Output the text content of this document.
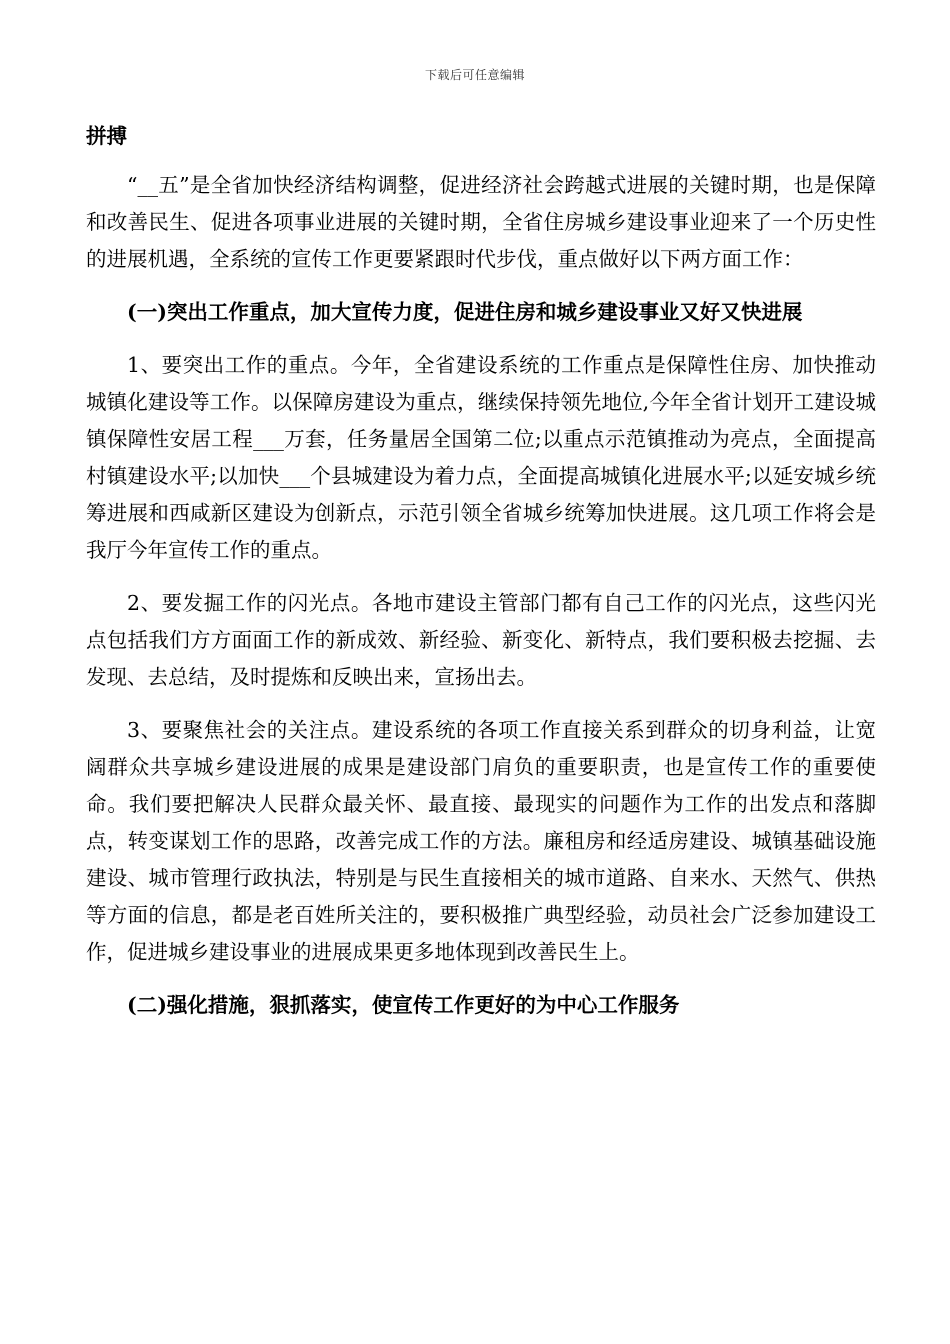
下载后可任意编辑
拼搏

“__五”是全省加快经济结构调整，促进经济社会跨越式进展的关键时期，也是保障和改善民生、促进各项事业进展的关键时期，全省住房城乡建设事业迎来了一个历史性的进展机遇，全系统的宣传工作更要紧跟时代步伐，重点做好以下两方面工作：

(一)突出工作重点，加大宣传力度，促进住房和城乡建设事业又好又快进展

1、要突出工作的重点。今年，全省建设系统的工作重点是保障性住房、加快推动城镇化建设等工作。以保障房建设为重点，继续保持领先地位,今年全省计划开工建设城镇保障性安居工程___万套，任务量居全国第二位;以重点示范镇推动为亮点，全面提高村镇建设水平;以加快___个县城建设为着力点，全面提高城镇化进展水平;以延安城乡统筹进展和西咸新区建设为创新点，示范引领全省城乡统筹加快进展。这几项工作将会是我厅今年宣传工作的重点。

2、要发掘工作的闪光点。各地市建设主管部门都有自己工作的闪光点，这些闪光点包括我们方方面面工作的新成效、新经验、新变化、新特点，我们要积极去挖掘、去发现、去总结，及时提炼和反映出来，宣扬出去。

3、要聚焦社会的关注点。建设系统的各项工作直接关系到群众的切身利益，让宽阔群众共享城乡建设进展的成果是建设部门肩负的重要职责，也是宣传工作的重要使命。我们要把解决人民群众最关怀、最直接、最现实的问题作为工作的出发点和落脚点，转变谋划工作的思路，改善完成工作的方法。廉租房和经适房建设、城镇基础设施建设、城市管理行政执法，特别是与民生直接相关的城市道路、自来水、天然气、供热等方面的信息，都是老百姓所关注的，要积极推广典型经验，动员社会广泛参加建设工作，促进城乡建设事业的进展成果更多地体现到改善民生上。

(二)强化措施，狠抓落实，使宣传工作更好的为中心工作服务
